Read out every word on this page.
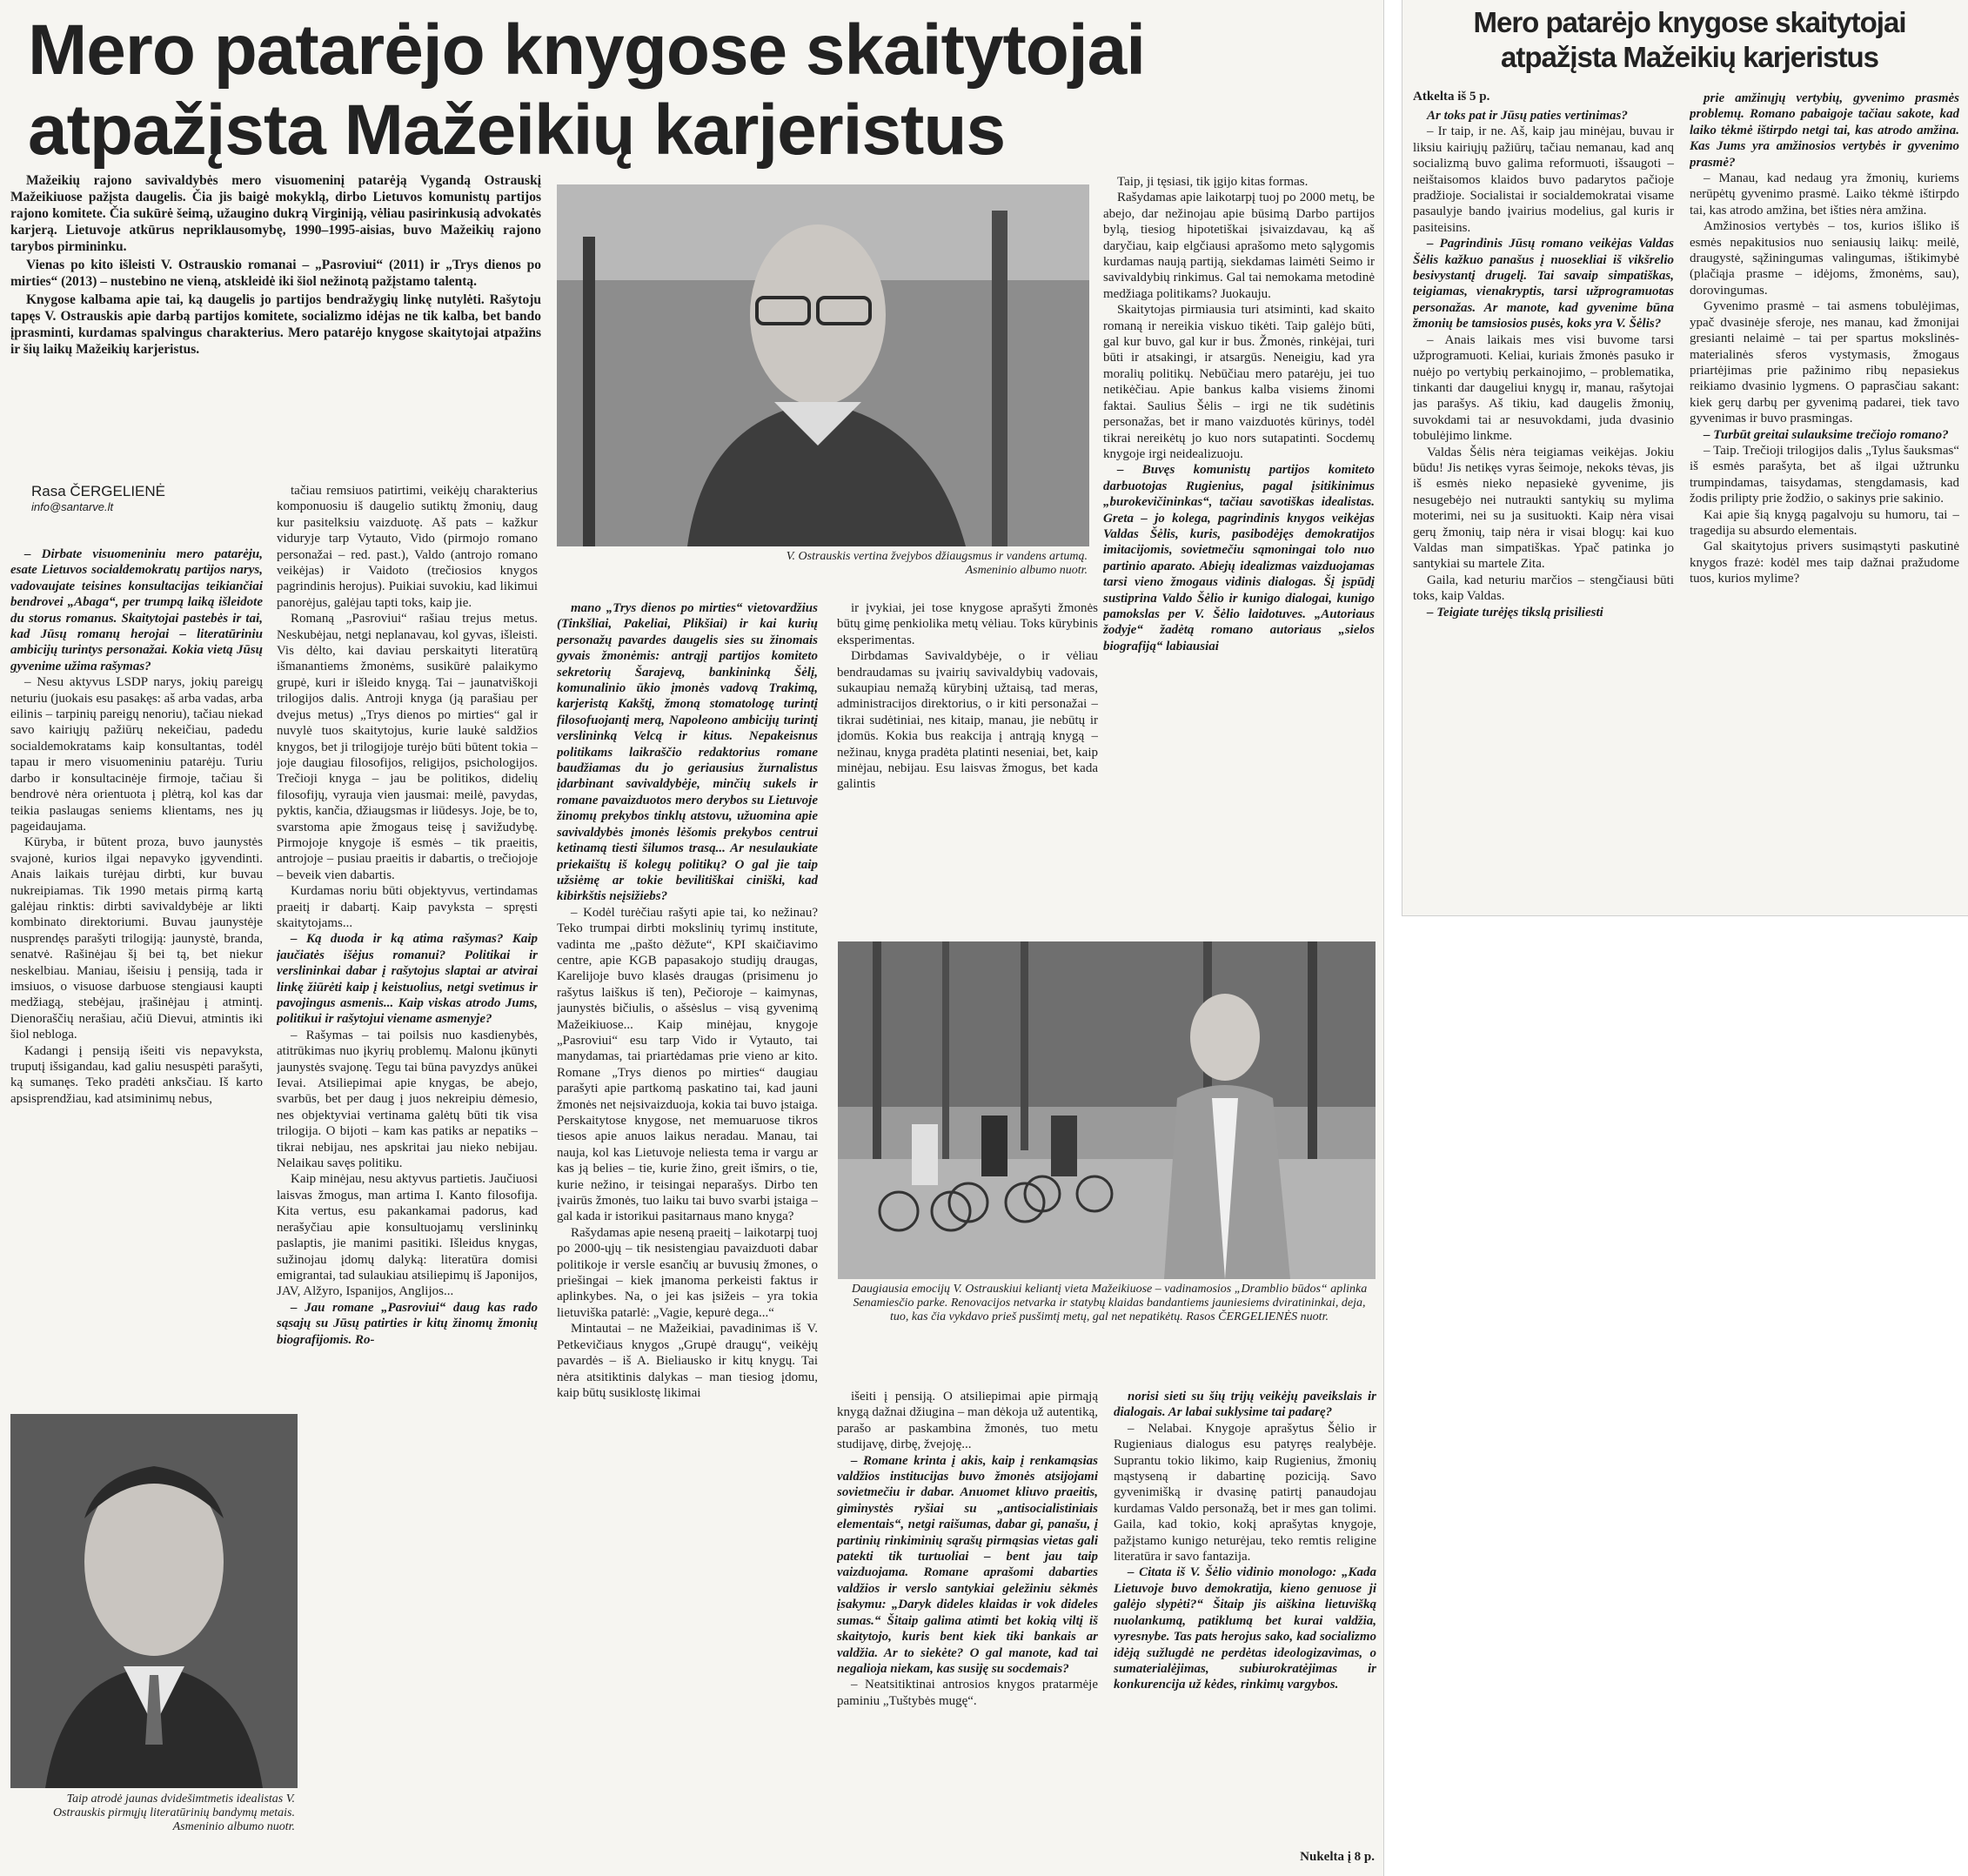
Mero patarėjo knygose skaitytojai atpažįsta Mažeikių karjeristus

Mažeikių rajono savivaldybės mero visuomeninį patarėją Vygandą Ostrauskį Mažeikiuose pažįsta daugelis. Čia jis baigė mokyklą, dirbo Lietuvos komunistų partijos rajono komitete. Čia sukūrė šeimą, užaugino dukrą Virginiją, vėliau pasirinkusią advokatės karjerą. Lietuvoje atkūrus nepriklausomybę, 1990–1995-aisias, buvo Mažeikių rajono tarybos pirmininku.

Vienas po kito išleisti V. Ostrauskio romanai – „Pasroviui“ (2011) ir „Trys dienos po mirties“ (2013) – nustebino ne vieną, atskleidė iki šiol nežinotą pažįstamo talentą.

Knygose kalbama apie tai, ką daugelis jo partijos bendražygių linkę nutylėti. Rašytoju tapęs V. Ostrauskis apie darbą partijos komitete, socializmo idėjas ne tik kalba, bet bando įprasminti, kurdamas spalvingus charakterius. Mero patarėjo knygose skaitytojai atpažins ir šių laikų Mažeikių karjeristus.

Rasa ČERGELIENĖ
info@santarve.lt
V. Ostrauskis vertina žvejybos džiaugsmus ir vandens artumą.
Asmeninio albumo nuotr.
Daugiausia emocijų V. Ostrauskiui keliantį vieta Mažeikiuose – vadinamosios „Dramblio būdos“ aplinka Senamiesčio parke. Renovacijos netvarka ir statybų klaidas bandantiems jauniesiems dviratininkai, deja, tuo, kas čia vykdavo prieš pusšimtį metų, gal net nepatikėtų. Rasos ČERGELIENĖS nuotr.
Taip atrodė jaunas dvidešimtmetis idealistas V. Ostrauskis pirmųjų literatūrinių bandymų metais.
Asmeninio albumo nuotr.

– Dirbate visuomeniniu mero patarėju, esate Lietuvos socialdemokratų partijos narys, vadovaujate teisines konsultacijas teikiančiai bendrovei „Abaga“, per trumpą laiką išleidote du storus romanus. Skaitytojai pastebės ir tai, kad Jūsų romanų herojai – literatūriniu ambicijų turintys personažai. Kokia vietą Jūsų gyvenime užima rašymas?

– Nesu aktyvus LSDP narys, jokių pareigų neturiu (juokais esu pasakęs: aš arba vadas, arba eilinis – tarpinių pareigų nenoriu), tačiau niekad savo kairiųjų pažiūrų nekeičiau, padedu socialdemokratams kaip konsultantas, todėl tapau ir mero visuomeniniu patarėju. Turiu darbo ir konsultacinėje firmoje, tačiau ši bendrovė nėra orientuota į plėtrą, kol kas dar teikia paslaugas seniems klientams, nes jų pageidaujama.

Kūryba, ir būtent proza, buvo jaunystės svajonė, kurios ilgai nepavyko įgyvendinti. Anais laikais turėjau dirbti, kur buvau nukreipiamas. Tik 1990 metais pirmą kartą galėjau rinktis: dirbti savivaldybėje ar likti kombinato direktoriumi. Buvau jaunystėje nusprendęs parašyti trilogiją: jaunystė, branda, senatvė. Rašinėjau šį bei tą, bet niekur neskelbiau. Maniau, išeisiu į pensiją, tada ir imsiuos, o visuose darbuose stengiausi kaupti medžiagą, stebėjau, įrašinėjau į atmintį. Dienoraščių nerašiau, ačiū Dievui, atmintis iki šiol nebloga.

Kadangi į pensiją išeiti vis nepavyksta, truputį išsigandau, kad galiu nesuspėti parašyti, ką sumanęs. Teko pradėti anksčiau. Iš karto apsisprendžiau, kad atsiminimų nebus,

tačiau remsiuos patirtimi, veikėjų charakterius komponuosiu iš daugelio sutiktų žmonių, daug kur pasitelksiu vaizduotę. Aš pats – kažkur viduryje tarp Vytauto, Vido (pirmojo romano personažai – red. past.), Valdo (antrojo romano veikėjas) ir Vaidoto (trečiosios knygos pagrindinis herojus). Puikiai suvokiu, kad likimui panorėjus, galėjau tapti toks, kaip jie.

Romaną „Pasroviui“ rašiau trejus metus. Neskubėjau, netgi neplanavau, kol gyvas, išleisti. Vis dėlto, kai daviau perskaityti literatūrą išmanantiems žmonėms, susikūrė palaikymo grupė, kuri ir išleido knygą. Tai – jaunatviškoji trilogijos dalis. Antroji knyga (ją parašiau per dvejus metus) „Trys dienos po mirties“ gal ir nuvylė tuos skaitytojus, kurie laukė saldžios knygos, bet ji trilogijoje turėjo būti būtent tokia – joje daugiau filosofijos, religijos, psichologijos. Trečioji knyga – jau be politikos, didelių filosofijų, vyrauja vien jausmai: meilė, pavydas, pyktis, kančia, džiaugsmas ir liūdesys. Joje, be to, svarstoma apie žmogaus teisę į savižudybę. Pirmojoje knygoje iš esmės – tik praeitis, antrojoje – pusiau praeitis ir dabartis, o trečiojoje – beveik vien dabartis.

Kurdamas noriu būti objektyvus, vertindamas praeitį ir dabartį. Kaip pavyksta – spręsti skaitytojams...

– Ką duoda ir ką atima rašymas? Kaip jaučiatės išėjus romanui? Politikai ir verslininkai dabar į rašytojus slaptai ar atvirai linkę žiūrėti kaip į keistuolius, netgi svetimus ir pavojingus asmenis... Kaip viskas atrodo Jums, politikui ir rašytojui viename asmenyje?

– Rašymas – tai poilsis nuo kasdienybės, atitrūkimas nuo įkyrių problemų. Malonu įkūnyti jaunystės svajonę. Tegu tai būna pavyzdys anūkei Ievai. Atsiliepimai apie knygas, be abejo, svarbūs, bet per daug į juos nekreipiu dėmesio, nes objektyviai vertinama galėtų būti tik visa trilogija. O bijoti – kam kas patiks ar nepatiks – tikrai nebijau, nes apskritai jau nieko nebijau. Nelaikau savęs politiku.

Kaip minėjau, nesu aktyvus partietis. Jaučiuosi laisvas žmogus, man artima I. Kanto filosofija. Kita vertus, esu pakankamai padorus, kad nerašyčiau apie konsultuojamų verslininkų paslaptis, jie manimi pasitiki. Išleidus knygas, sužinojau įdomų dalyką: literatūra domisi emigrantai, tad sulaukiau atsiliepimų iš Japonijos, JAV, Alžyro, Ispanijos, Anglijos...

– Jau romane „Pasroviui“ daug kas rado sąsajų su Jūsų patirties ir kitų žinomų žmonių biografijomis. Ro-

mano „Trys dienos po mirties“ vietovardžius (Tinkšliai, Pakeliai, Plikšiai) ir kai kurių personažų pavardes daugelis sies su žinomais gyvais žmonėmis: antrąjį partijos komiteto sekretorių Šarajevą, bankininką Šėlį, komunalinio ūkio įmonės vadovą Trakimą, karjeristą Kakštį, žmoną stomatologę turintį filosofuojantį merą, Napoleono ambicijų turintį verslininką Velcą ir kitus. Nepakeisnus politikams laikraščio redaktorius romane baudžiamas du jo geriausius žurnalistus įdarbinant savivaldybėje, minčių sukels ir romane pavaizduotos mero derybos su Lietuvoje žinomų prekybos tinklų atstovu, užuomina apie savivaldybės įmonės lėšomis prekybos centrui ketinamą tiesti šilumos trasą... Ar nesulaukiate priekaištų iš kolegų politikų? O gal jie taip užsiėmę ar tokie bevilitiškai ciniški, kad kibirkštis neįsižiebs?

– Kodėl turėčiau rašyti apie tai, ko nežinau? Teko trumpai dirbti mokslinių tyrimų institute, vadinta me „pašto dėžute“, KPI skaičiavimo centre, apie KGB papasakojo studijų draugas, Karelijoje buvo klasės draugas (prisimenu jo rašytus laiškus iš ten), Pečioroje – kaimynas, jaunystės bičiulis, o ašsėslus – visą gyvenimą Mažeikiuose... Kaip minėjau, knygoje „Pasroviui“ esu tarp Vido ir Vytauto, tai manydamas, tai priartėdamas prie vieno ar kito. Romane „Trys dienos po mirties“ daugiau parašyti apie partkomą paskatino tai, kad jauni žmonės net neįsivaizduoja, kokia tai buvo įstaiga. Perskaitytose knygose, net memuaruose tikros tiesos apie anuos laikus neradau. Manau, tai nauja, kol kas Lietuvoje neliesta tema ir vargu ar kas ją belies – tie, kurie žino, greit išmirs, o tie, kurie nežino, ir teisingai neparašys. Dirbo ten įvairūs žmonės, tuo laiku tai buvo svarbi įstaiga – gal kada ir istorikui pasitarnaus mano knyga?

Rašydamas apie neseną praeitį – laikotarpį tuoj po 2000-ųjų – tik nesistengiau pavaizduoti dabar politikoje ir versle esančių ar buvusių žmones, o priešingai – kiek įmanoma perkeisti faktus ir aplinkybes. Na, o jei kas įsižeis – yra tokia lietuviška patarlė: „Vagie, kepurė dega...“

Mintautai – ne Mažeikiai, pavadinimas iš V. Petkevičiaus knygos „Grupė draugų“, veikėjų pavardės – iš A. Bieliausko ir kitų knygų. Tai nėra atsitiktinis dalykas – man tiesiog įdomu, kaip būtų susiklostę likimai

Taip, ji tęsiasi, tik įgijo kitas formas.

Rašydamas apie laikotarpį tuoj po 2000 metų, be abejo, dar nežinojau apie būsimą Darbo partijos bylą, tiesiog hipotetiškai įsivaizdavau, ką aš daryčiau, kaip elgčiausi aprašomo meto sąlygomis kurdamas naują partiją, siekdamas laimėti Seimo ir savivaldybių rinkimus. Gal tai nemokama metodinė medžiaga politikams? Juokauju.

Skaitytojas pirmiausia turi atsiminti, kad skaito romaną ir nereikia viskuo tikėti. Taip galėjo būti, gal kur buvo, gal kur ir bus. Žmonės, rinkėjai, turi būti ir atsakingi, ir atsargūs. Neneigiu, kad yra moralių politikų. Nebūčiau mero patarėju, jei tuo netikėčiau. Apie bankus kalba visiems žinomi faktai. Saulius Šėlis – irgi ne tik sudėtinis personažas, bet ir mano vaizduotės kūrinys, todėl tikrai nereikėtų jo kuo nors sutapatinti. Socdemų knygoje irgi neidealizuoju.

– Buvęs komunistų partijos komiteto darbuotojas Rugienius, pagal įsitikinimus „burokevičininkas“, tačiau savotiškas idealistas. Greta – jo kolega, pagrindinis knygos veikėjas Valdas Šėlis, kuris, pasibodėjęs demokratijos imitacijomis, sovietmečiu sąmoningai tolo nuo partinio aparato. Abiejų idealizmas vaizduojamas tarsi vieno žmogaus vidinis dialogas. Šį įspūdį sustiprina Valdo Šėlio ir kunigo dialogai, kunigo pamokslas per V. Šėlio laidotuves. „Autoriaus žodyje“ žadėtą romano autoriaus „sielos biografiją“ labiausiai

ir įvykiai, jei tose knygose aprašyti žmonės būtų gimę penkiolika metų vėliau. Toks kūrybinis eksperimentas.

Dirbdamas Savivaldybėje, o ir vėliau bendraudamas su įvairių savivaldybių vadovais, sukaupiau nemažą kūrybinį užtaisą, tad meras, administracijos direktorius, o ir kiti personažai – tikrai sudėtiniai, nes kitaip, manau, jie nebūtų ir įdomūs. Kokia bus reakcija į antrąją knygą – nežinau, knyga pradėta platinti neseniai, bet, kaip minėjau, nebijau. Esu laisvas žmogus, bet kada galintis

išeiti į pensiją. O atsiliepimai apie pirmąją knygą dažnai džiugina – man dėkoja už autentiką, parašo ar paskambina žmonės, tuo metu studijavę, dirbę, žvejoję...

– Romane krinta į akis, kaip į renkamąsias valdžios institucijas buvo žmonės atsijojami sovietmečiu ir dabar. Anuomet kliuvo praeitis, giminystės ryšiai su „antisocialistiniais elementais“, netgi raišumas, dabar gi, panašu, į partinių rinkiminių sąrašų pirmąsias vietas gali patekti tik turtuoliai – bent jau taip vaizduojama. Romane aprašomi dabarties valdžios ir verslo santykiai geležiniu sėkmės įsakymu: „Daryk dideles klaidas ir vok dideles sumas.“ Šitaip galima atimti bet kokią viltį iš skaitytojo, kuris bent kiek tiki bankais ar valdžia. Ar to siekėte? O gal manote, kad tai negalioja niekam, kas susiję su socdemais?

– Neatsitiktinai antrosios knygos pratarmėje paminiu „Tuštybės mugę“.

norisi sieti su šių trijų veikėjų paveikslais ir dialogais. Ar labai suklysime tai padarę?

– Nelabai. Knygoje aprašytus Šėlio ir Rugieniaus dialogus esu patyręs realybėje. Suprantu tokio likimo, kaip Rugienius, žmonių mąstyseną ir dabartinę poziciją. Savo gyvenimišką ir dvasinę patirtį panaudojau kurdamas Valdo personažą, bet ir mes gan tolimi. Gaila, kad tokio, kokį aprašytas knygoje, pažįstamo kunigo neturėjau, teko remtis religine literatūra ir savo fantazija.

– Citata iš V. Šėlio vidinio monologo: „Kada Lietuvoje buvo demokratija, kieno genuose ji galėjo slypėti?“ Šitaip jis aiškina lietuvišką nuolankumą, patiklumą bet kurai valdžia, vyresnybe. Tas pats herojus sako, kad socializmo idėją sužlugdė ne perdėtas ideologizavimas, o sumaterialėjimas, subiurokratėjimas ir konkurencija už kėdes, rinkimų vargybos.

Nukelta į 8 p.
Mero patarėjo knygose skaitytojai atpažįsta Mažeikių karjeristus
Atkelta iš 5 p.

Ar toks pat ir Jūsų paties vertinimas?

– Ir taip, ir ne. Aš, kaip jau minėjau, buvau ir liksiu kairiųjų pažiūrų, tačiau nemanau, kad anq socializmą buvo galima reformuoti, išsaugoti – neištaisomos klaidos buvo padarytos pačioje pradžioje. Socialistai ir socialdemokratai visame pasaulyje bando įvairius modelius, gal kuris ir pasiteisins.

– Pagrindinis Jūsų romano veikėjas Valdas Šėlis kažkuo panašus į nuosekliai iš vikšrelio besivystantį drugelį. Tai savaip simpatiškas, teigiamas, vienakryptis, tarsi užprogramuotas personažas. Ar manote, kad gyvenime būna žmonių be tamsiosios pusės, koks yra V. Šėlis?

– Anais laikais mes visi buvome tarsi užprogramuoti. Keliai, kuriais žmonės pasuko ir nuėjo po vertybių perkainojimo, – problematika, tinkanti dar daugeliui knygų ir, manau, rašytojai jas parašys. Aš tikiu, kad daugelis žmonių, suvokdami tai ar nesuvokdami, juda dvasinio tobulėjimo linkme.

Valdas Šėlis nėra teigiamas veikėjas. Jokiu būdu! Jis netikęs vyras šeimoje, nekoks tėvas, jis iš esmės nieko nepasiekė gyvenime, jis nesugebėjo nei nutraukti santykių su mylima moterimi, nei su ja susituokti. Kaip nėra visai gerų žmonių, taip nėra ir visai blogų: kai kuo Valdas man simpatiškas. Ypač patinka jo santykiai su martele Zita.

Gaila, kad neturiu marčios – stengčiausi būti toks, kaip Valdas.

– Teigiate turėjęs tikslą prisiliesti

prie amžinųjų vertybių, gyvenimo prasmės problemų. Romano pabaigoje tačiau sakote, kad laiko tėkmė ištirpdo netgi tai, kas atrodo amžina. Kas Jums yra amžinosios vertybės ir gyvenimo prasmė?

– Manau, kad nedaug yra žmonių, kuriems nerūpėtų gyvenimo prasmė. Laiko tėkmė ištirpdo tai, kas atrodo amžina, bet išties nėra amžina.

Amžinosios vertybės – tos, kurios išliko iš esmės nepakitusios nuo seniausių laikų: meilė, draugystė, sąžiningumas valingumas, ištikimybė (plačiąja prasme – idėjoms, žmonėms, sau), dorovingumas.

Gyvenimo prasmė – tai asmens tobulėjimas, ypač dvasinėje sferoje, nes manau, kad žmonijai gresianti nelaimė – tai per spartus mokslinės-materialinės sferos vystymasis, žmogaus priartėjimas prie pažinimo ribų nepasiekus reikiamo dvasinio lygmens. O paprasčiau sakant: kiek gerų darbų per gyvenimą padarei, tiek tavo gyvenimas ir buvo prasmingas.

– Turbūt greitai sulauksime trečiojo romano?

– Taip. Trečioji trilogijos dalis „Tylus šauksmas“ iš esmės parašyta, bet aš ilgai užtrunku trumpindamas, taisydamas, stengdamasis, kad žodis prilipty prie žodžio, o sakinys prie sakinio.

Kai apie šią knygą pagalvoju su humoru, tai – tragedija su absurdo elementais.

Gal skaitytojus privers susimąstyti paskutinė knygos frazė: kodėl mes taip dažnai pražudome tuos, kurios mylime?
